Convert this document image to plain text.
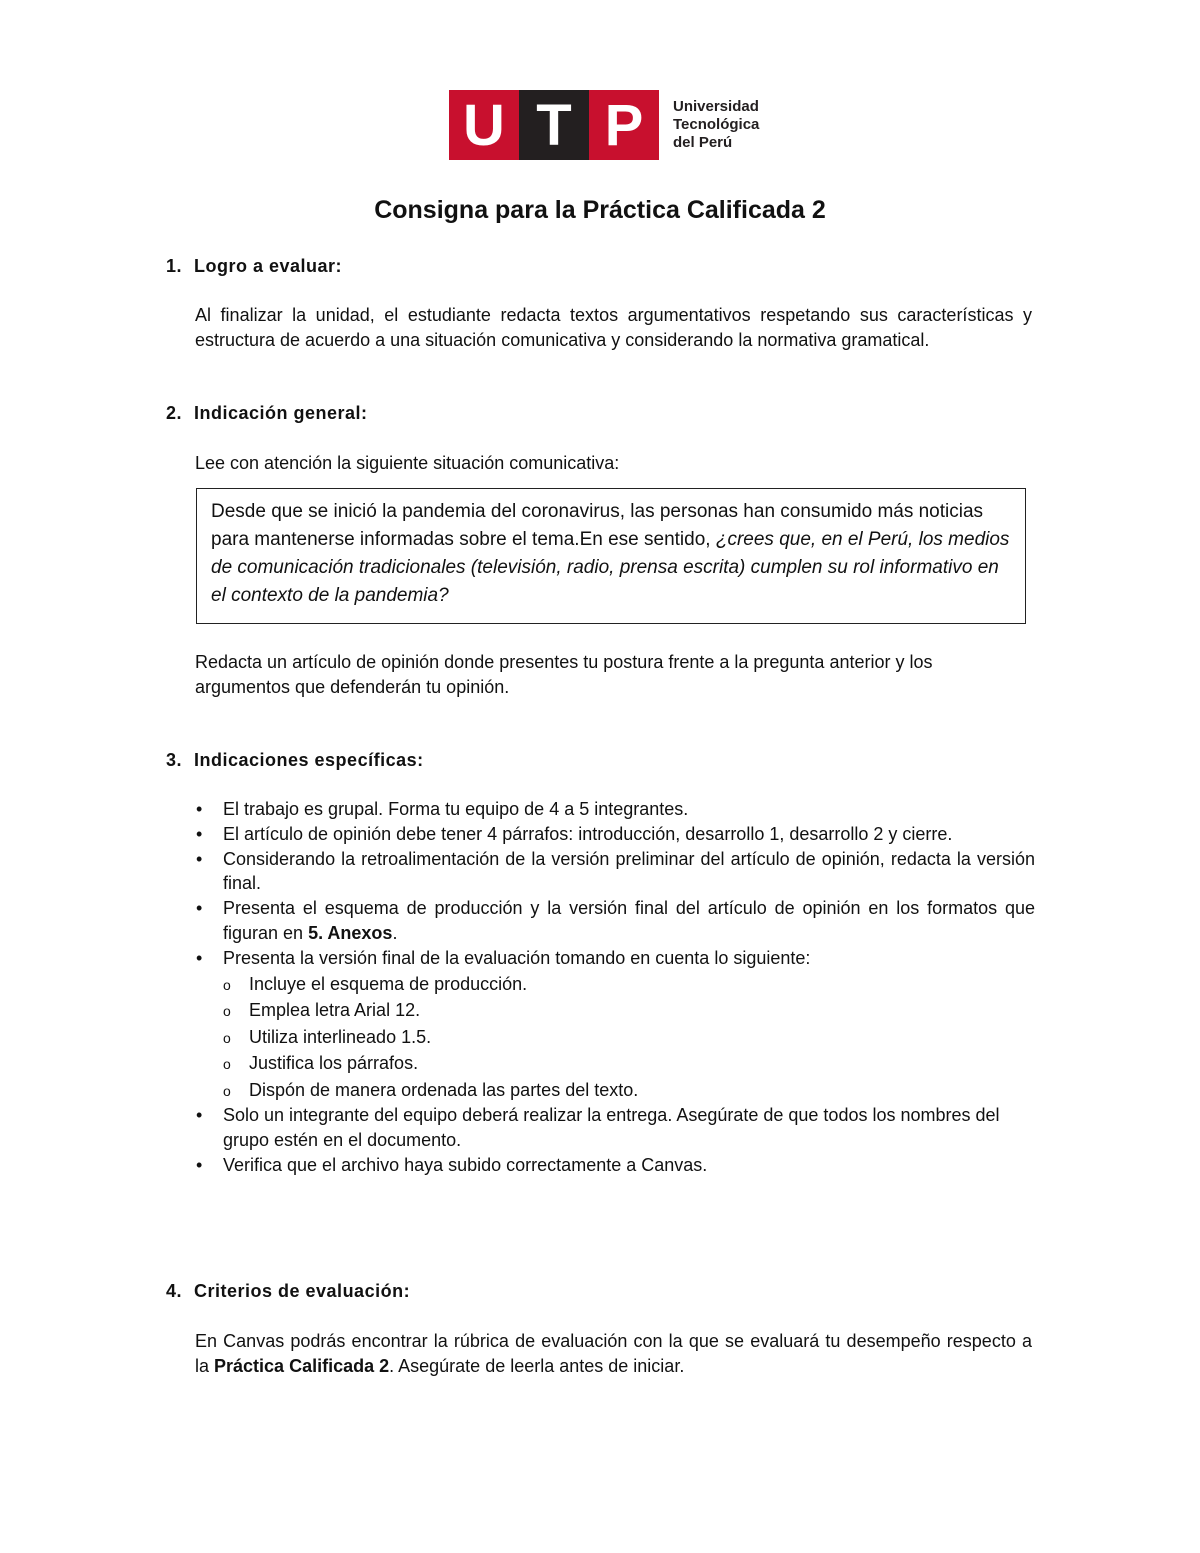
U T P	Universidad
Tecnológica
del Perú
Consigna para la Práctica Calificada 2
1. Logro a evaluar:
Al finalizar la unidad, el estudiante redacta textos argumentativos respetando sus características y estructura de acuerdo a una situación comunicativa y considerando la normativa gramatical.
2. Indicación general:
Lee con atención la siguiente situación comunicativa:
Desde que se inició la pandemia del coronavirus, las personas han consumido más noticias para mantenerse informadas sobre el tema.En ese sentido, ¿crees que, en el Perú, los medios de comunicación tradicionales (televisión, radio, prensa escrita) cumplen su rol informativo en el contexto de la pandemia?
Redacta un artículo de opinión donde presentes tu postura frente a la pregunta anterior y los argumentos que defenderán tu opinión.
3. Indicaciones específicas:
• El trabajo es grupal. Forma tu equipo de 4 a 5 integrantes.
• El artículo de opinión debe tener 4 párrafos: introducción, desarrollo 1, desarrollo 2 y cierre.
• Considerando la retroalimentación de la versión preliminar del artículo de opinión, redacta la versión final.
• Presenta el esquema de producción y la versión final del artículo de opinión en los formatos que figuran en 5. Anexos.
• Presenta la versión final de la evaluación tomando en cuenta lo siguiente:
o Incluye el esquema de producción.
o Emplea letra Arial 12.
o Utiliza interlineado 1.5.
o Justifica los párrafos.
o Dispón de manera ordenada las partes del texto.
• Solo un integrante del equipo deberá realizar la entrega. Asegúrate de que todos los nombres del grupo estén en el documento.
• Verifica que el archivo haya subido correctamente a Canvas.
4. Criterios de evaluación:
En Canvas podrás encontrar la rúbrica de evaluación con la que se evaluará tu desempeño respecto a la Práctica Calificada 2. Asegúrate de leerla antes de iniciar.
